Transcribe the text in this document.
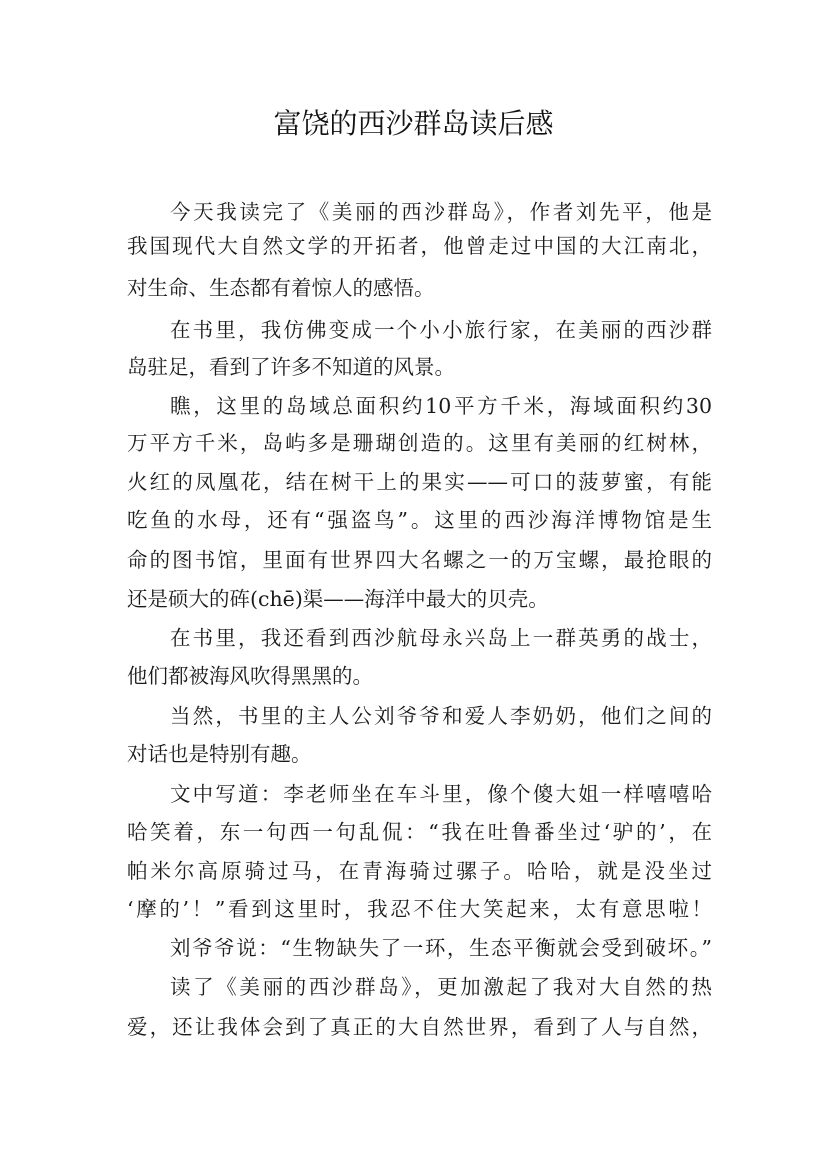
富饶的西沙群岛读后感
今天我读完了《美丽的西沙群岛》，作者刘先平，他是
我国现代大自然文学的开拓者，他曾走过中国的大江南北，
对生命、生态都有着惊人的感悟。
在书里，我仿佛变成一个小小旅行家，在美丽的西沙群
岛驻足，看到了许多不知道的风景。
瞧，这里的岛域总面积约10平方千米，海域面积约30
万平方千米，岛屿多是珊瑚创造的。这里有美丽的红树林，
火红的凤凰花，结在树干上的果实——可口的菠萝蜜，有能
吃鱼的水母，还有“强盗鸟”。这里的西沙海洋博物馆是生
命的图书馆，里面有世界四大名螺之一的万宝螺，最抢眼的
还是硕大的砗(chē)渠——海洋中最大的贝壳。
在书里，我还看到西沙航母永兴岛上一群英勇的战士，
他们都被海风吹得黑黑的。
当然，书里的主人公刘爷爷和爱人李奶奶，他们之间的
对话也是特别有趣。
文中写道：李老师坐在车斗里，像个傻大姐一样嘻嘻哈
哈笑着，东一句西一句乱侃：“我在吐鲁番坐过‘驴的’，在
帕米尔高原骑过马，在青海骑过骡子。哈哈，就是没坐过
‘摩的’！”看到这里时，我忍不住大笑起来，太有意思啦！
刘爷爷说：“生物缺失了一环，生态平衡就会受到破坏。”
读了《美丽的西沙群岛》，更加激起了我对大自然的热
爱，还让我体会到了真正的大自然世界，看到了人与自然，
